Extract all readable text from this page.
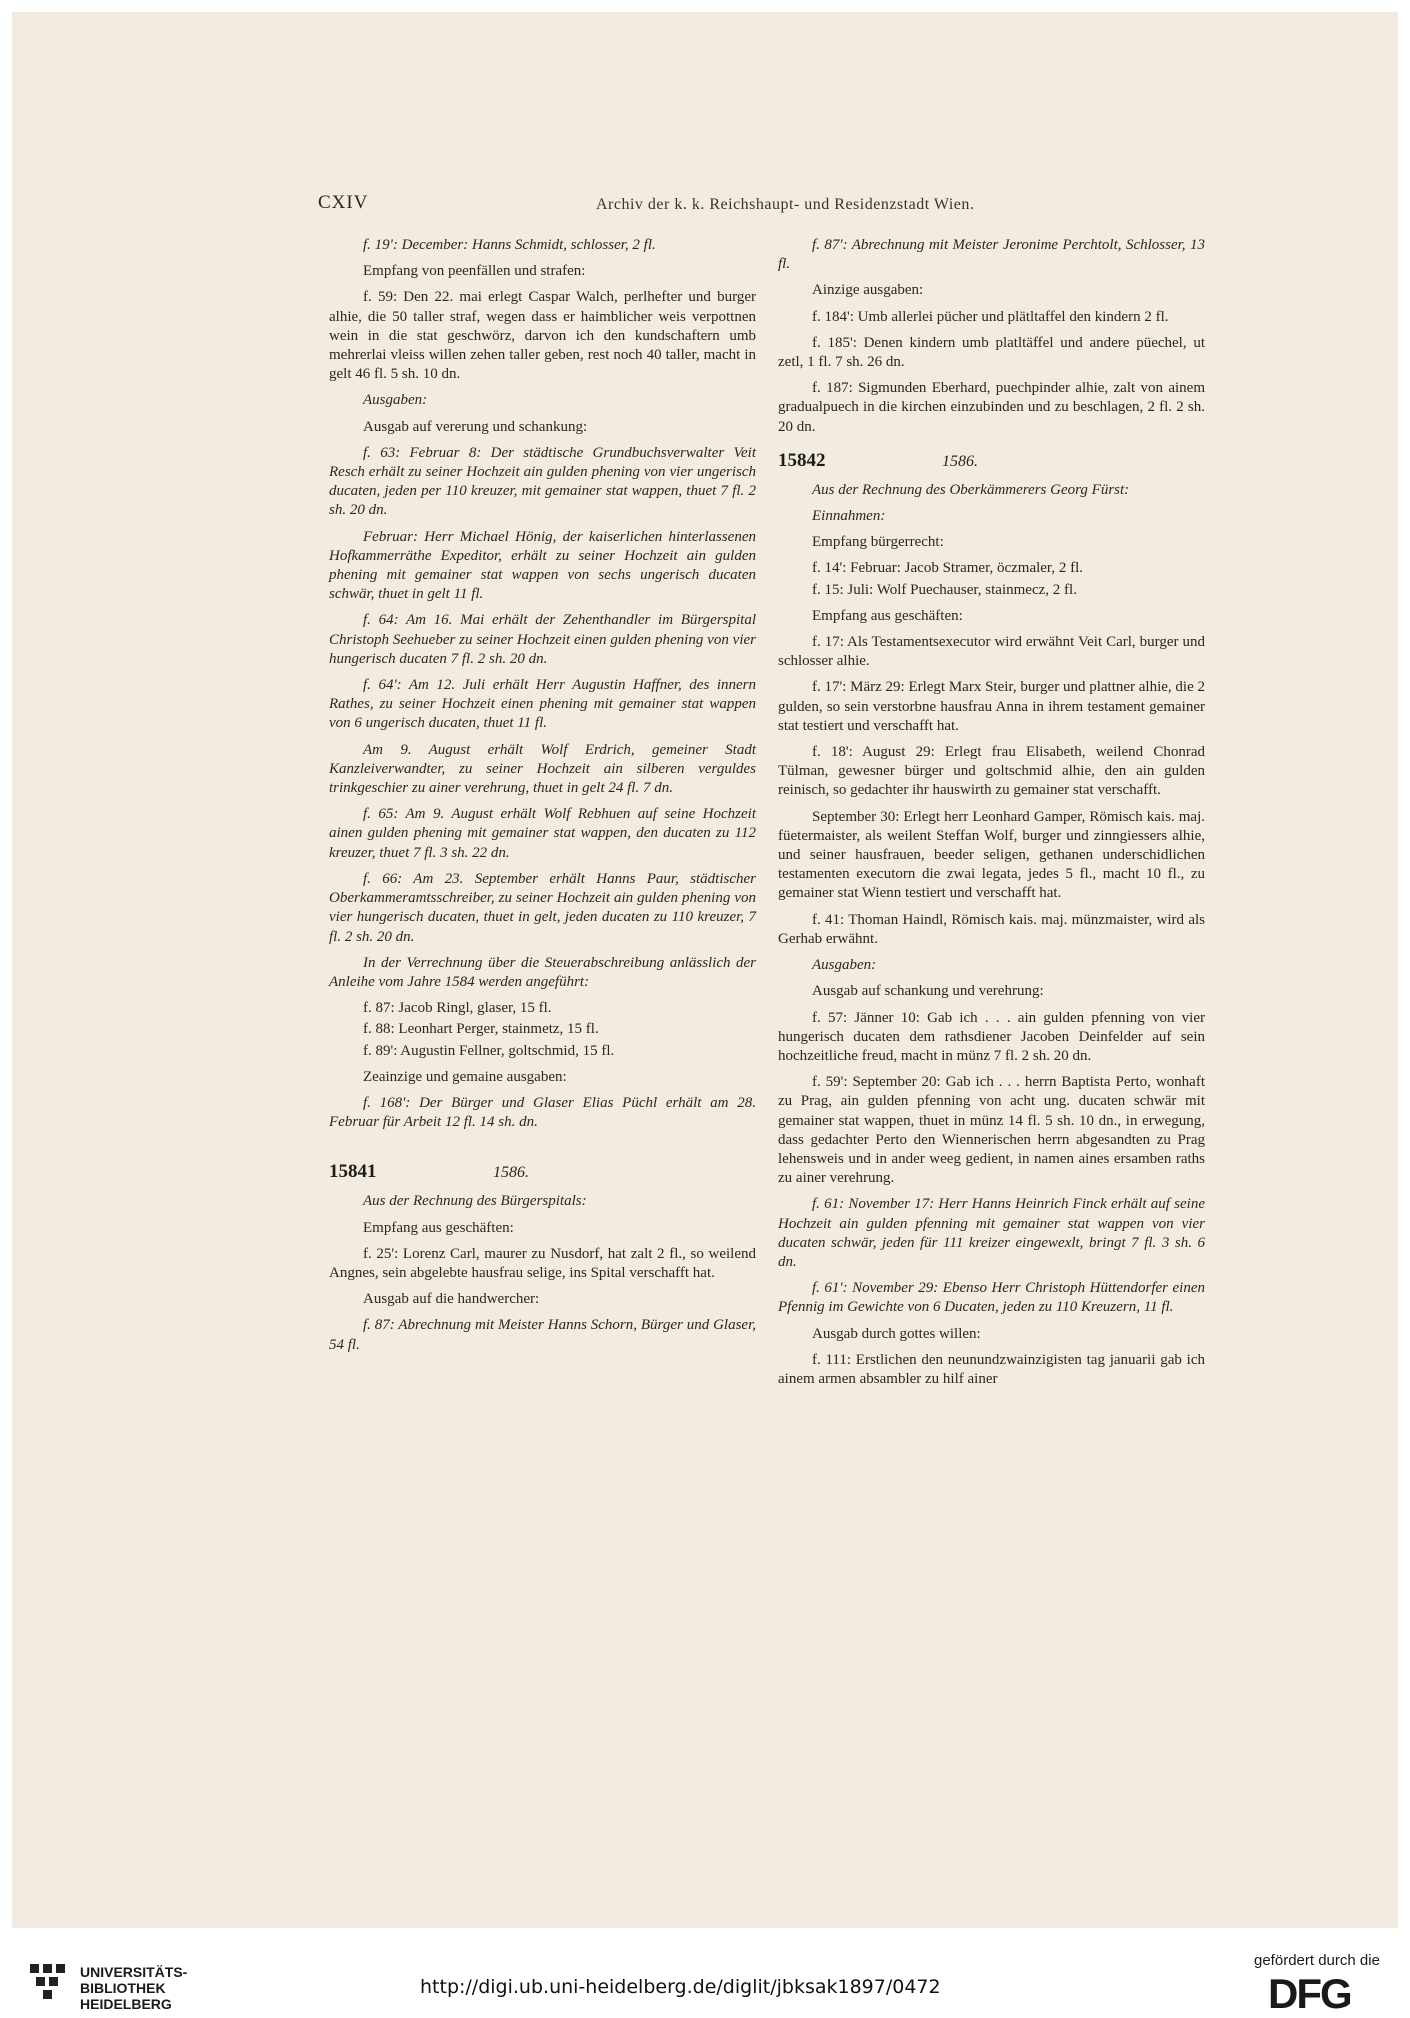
CXIV	Archiv der k. k. Reichshaupt- und Residenzstadt Wien.

f. 19': December: Hanns Schmidt, schlosser, 2 fl.

Empfang von peenfällen und strafen:

f. 59: Den 22. mai erlegt Caspar Walch, perlhefter und burger alhie, die 50 taller straf, wegen dass er haimblicher weis verpottnen wein in die stat geschwörz, darvon ich den kundschaftern umb mehrerlai vleiss willen zehen taller geben, rest noch 40 taller, macht in gelt 46 fl. 5 sh. 10 dn.

Ausgaben:

Ausgab auf vererung und schankung:

f. 63: Februar 8: Der städtische Grundbuchsverwalter Veit Resch erhält zu seiner Hochzeit ain gulden phening von vier ungerisch ducaten, jeden per 110 kreuzer, mit gemainer stat wappen, thuet 7 fl. 2 sh. 20 dn.

Februar: Herr Michael Hönig, der kaiserlichen hinterlassenen Hofkammerräthe Expeditor, erhält zu seiner Hochzeit ain gulden phening mit gemainer stat wappen von sechs ungerisch ducaten schwär, thuet in gelt 11 fl.

f. 64: Am 16. Mai erhält der Zehenthandler im Bürgerspital Christoph Seehueber zu seiner Hochzeit einen gulden phening von vier hungerisch ducaten 7 fl. 2 sh. 20 dn.

f. 64': Am 12. Juli erhält Herr Augustin Haffner, des innern Rathes, zu seiner Hochzeit einen phening mit gemainer stat wappen von 6 ungerisch ducaten, thuet 11 fl.

Am 9. August erhält Wolf Erdrich, gemeiner Stadt Kanzleiverwandter, zu seiner Hochzeit ain silberen verguldes trinkgeschier zu ainer verehrung, thuet in gelt 24 fl. 7 dn.

f. 65: Am 9. August erhält Wolf Rebhuen auf seine Hochzeit ainen gulden phening mit gemainer stat wappen, den ducaten zu 112 kreuzer, thuet 7 fl. 3 sh. 22 dn.

f. 66: Am 23. September erhält Hanns Paur, städtischer Oberkammeramtsschreiber, zu seiner Hochzeit ain gulden phening von vier hungerisch ducaten, thuet in gelt, jeden ducaten zu 110 kreuzer, 7 fl. 2 sh. 20 dn.

In der Verrechnung über die Steuerabschreibung anlässlich der Anleihe vom Jahre 1584 werden angeführt:

f. 87: Jacob Ringl, glaser, 15 fl.

f. 88: Leonhart Perger, stainmetz, 15 fl.

f. 89': Augustin Fellner, goltschmid, 15 fl.

Zeainzige und gemaine ausgaben:

f. 168': Der Bürger und Glaser Elias Püchl erhält am 28. Februar für Arbeit 12 fl. 14 sh. dn.

15841	1586.

Aus der Rechnung des Bürgerspitals:

Empfang aus geschäften:

f. 25': Lorenz Carl, maurer zu Nusdorf, hat zalt 2 fl., so weilend Angnes, sein abgelebte hausfrau selige, ins Spital verschafft hat.

Ausgab auf die handwercher:

f. 87: Abrechnung mit Meister Hanns Schorn, Bürger und Glaser, 54 fl.

f. 87': Abrechnung mit Meister Jeronime Perchtolt, Schlosser, 13 fl.

Ainzige ausgaben:

f. 184': Umb allerlei pücher und plätltaffel den kindern 2 fl.

f. 185': Denen kindern umb platltäffel und andere püechel, ut zetl, 1 fl. 7 sh. 26 dn.

f. 187: Sigmunden Eberhard, puechpinder alhie, zalt von ainem gradualpuech in die kirchen einzubinden und zu beschlagen, 2 fl. 2 sh. 20 dn.

15842	1586.

Aus der Rechnung des Oberkämmerers Georg Fürst:

Einnahmen:

Empfang bürgerrecht:

f. 14': Februar: Jacob Stramer, öczmaler, 2 fl.

f. 15: Juli: Wolf Puechauser, stainmecz, 2 fl.

Empfang aus geschäften:

f. 17: Als Testamentsexecutor wird erwähnt Veit Carl, burger und schlosser alhie.

f. 17': März 29: Erlegt Marx Steir, burger und plattner alhie, die 2 gulden, so sein verstorbne hausfrau Anna in ihrem testament gemainer stat testiert und verschafft hat.

f. 18': August 29: Erlegt frau Elisabeth, weilend Chonrad Tülman, gewesner bürger und goltschmid alhie, den ain gulden reinisch, so gedachter ihr hauswirth zu gemainer stat verschafft.

September 30: Erlegt herr Leonhard Gamper, Römisch kais. maj. füetermaister, als weilent Steffan Wolf, burger und zinngiessers alhie, und seiner hausfrauen, beeder seligen, gethanen underschidlichen testamenten executorn die zwai legata, jedes 5 fl., macht 10 fl., zu gemainer stat Wienn testiert und verschafft hat.

f. 41: Thoman Haindl, Römisch kais. maj. münzmaister, wird als Gerhab erwähnt.

Ausgaben:

Ausgab auf schankung und verehrung:

f. 57: Jänner 10: Gab ich . . . ain gulden pfenning von vier hungerisch ducaten dem rathsdiener Jacoben Deinfelder auf sein hochzeitliche freud, macht in münz 7 fl. 2 sh. 20 dn.

f. 59': September 20: Gab ich . . . herrn Baptista Perto, wonhaft zu Prag, ain gulden pfenning von acht ung. ducaten schwär mit gemainer stat wappen, thuet in münz 14 fl. 5 sh. 10 dn., in erwegung, dass gedachter Perto den Wiennerischen herrn abgesandten zu Prag lehensweis und in ander weeg gedient, in namen aines ersamben raths zu ainer verehrung.

f. 61: November 17: Herr Hanns Heinrich Finck erhält auf seine Hochzeit ain gulden pfenning mit gemainer stat wappen von vier ducaten schwär, jeden für 111 kreizer eingewexlt, bringt 7 fl. 3 sh. 6 dn.

f. 61': November 29: Ebenso Herr Christoph Hüttendorfer einen Pfennig im Gewichte von 6 Ducaten, jeden zu 110 Kreuzern, 11 fl.

Ausgab durch gottes willen:

f. 111: Erstlichen den neunundzwainzigisten tag januarii gab ich ainem armen absambler zu hilf ainer

UNIVERSITÄTS-
BIBLIOTHEK
HEIDELBERG
http://digi.ub.uni-heidelberg.de/diglit/jbksak1897/0472
gefördert durch die
DFG
